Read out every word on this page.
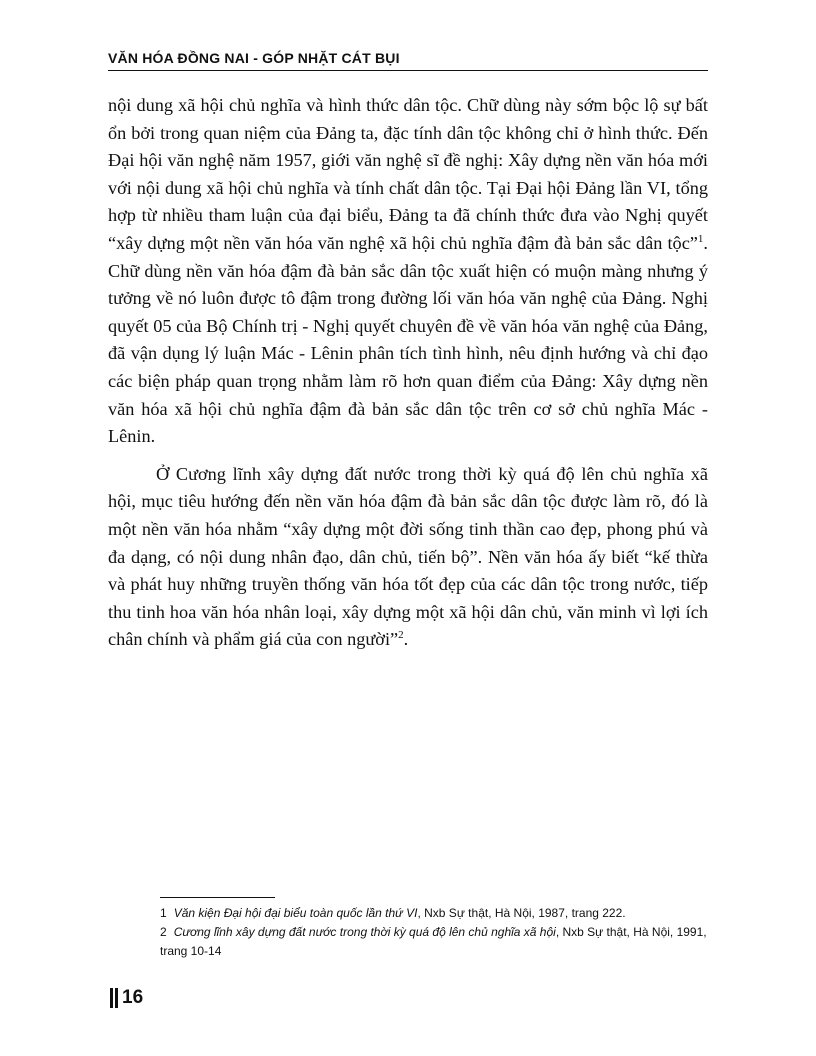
VĂN HÓA ĐỒNG NAI - GÓP NHẶT CÁT BỤI

nội dung xã hội chủ nghĩa và hình thức dân tộc. Chữ dùng này sớm bộc lộ sự bất ổn bởi trong quan niệm của Đảng ta, đặc tính dân tộc không chỉ ở hình thức. Đến Đại hội văn nghệ năm 1957, giới văn nghệ sĩ đề nghị: Xây dựng nền văn hóa mới với nội dung xã hội chủ nghĩa và tính chất dân tộc. Tại Đại hội Đảng lần VI, tổng hợp từ nhiều tham luận của đại biểu, Đảng ta đã chính thức đưa vào Nghị quyết “xây dựng một nền văn hóa văn nghệ xã hội chủ nghĩa đậm đà bản sắc dân tộc”$^1$. Chữ dùng nền văn hóa đậm đà bản sắc dân tộc xuất hiện có muộn màng nhưng ý tưởng về nó luôn được tô đậm trong đường lối văn hóa văn nghệ của Đảng. Nghị quyết 05 của Bộ Chính trị - Nghị quyết chuyên đề về văn hóa văn nghệ của Đảng, đã vận dụng lý luận Mác - Lênin phân tích tình hình, nêu định hướng và chỉ đạo các biện pháp quan trọng nhằm làm rõ hơn quan điểm của Đảng: Xây dựng nền văn hóa xã hội chủ nghĩa đậm đà bản sắc dân tộc trên cơ sở chủ nghĩa Mác - Lênin.

Ở Cương lĩnh xây dựng đất nước trong thời kỳ quá độ lên chủ nghĩa xã hội, mục tiêu hướng đến nền văn hóa đậm đà bản sắc dân tộc được làm rõ, đó là một nền văn hóa nhằm “xây dựng một đời sống tinh thần cao đẹp, phong phú và đa dạng, có nội dung nhân đạo, dân chủ, tiến bộ”. Nền văn hóa ấy biết “kế thừa và phát huy những truyền thống văn hóa tốt đẹp của các dân tộc trong nước, tiếp thu tinh hoa văn hóa nhân loại, xây dựng một xã hội dân chủ, văn minh vì lợi ích chân chính và phẩm giá của con người”$^2$.

1 Văn kiện Đại hội đại biểu toàn quốc lần thứ VI, Nxb Sự thật, Hà Nội, 1987, trang 222.

2 Cương lĩnh xây dựng đất nước trong thời kỳ quá độ lên chủ nghĩa xã hội, Nxb Sự thật, Hà Nội, 1991, trang 10-14

16
